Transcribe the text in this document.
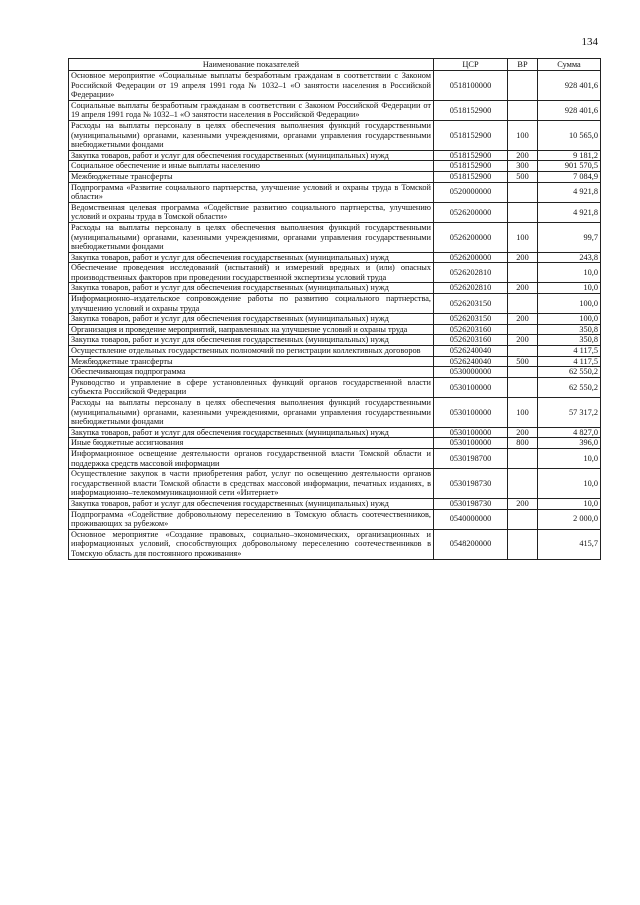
134
Наименование показателей	ЦСР	ВР	Сумма
Основное мероприятие «Социальные выплаты безработным гражданам в соответствии с Законом Российской Федерации от 19 апреля 1991 года № 1032–1 «О занятости населения в Российской Федерации»	0518100000		928 401,6
Социальные выплаты безработным гражданам в соответствии с Законом Российской Федерации от 19 апреля 1991 года № 1032–1 «О занятости населения в Российской Федерации»	0518152900		928 401,6
Расходы на выплаты персоналу в целях обеспечения выполнения функций государственными (муниципальными) органами, казенными учреждениями, органами управления государственными внебюджетными фондами	0518152900	100	10 565,0
Закупка товаров, работ и услуг для обеспечения государственных (муниципальных) нужд	0518152900	200	9 181,2
Социальное обеспечение и иные выплаты населению	0518152900	300	901 570,5
Межбюджетные трансферты	0518152900	500	7 084,9
Подпрограмма «Развитие социального партнерства, улучшение условий и охраны труда в Томской области»	0520000000		4 921,8
Ведомственная целевая программа «Содействие развитию социального партнерства, улучшению условий и охраны труда в Томской области»	0526200000		4 921,8
Расходы на выплаты персоналу в целях обеспечения выполнения функций государственными (муниципальными) органами, казенными учреждениями, органами управления государственными внебюджетными фондами	0526200000	100	99,7
Закупка товаров, работ и услуг для обеспечения государственных (муниципальных) нужд	0526200000	200	243,8
Обеспечение проведения исследований (испытаний) и измерений вредных и (или) опасных производственных факторов при проведении государственной экспертизы условий труда	0526202810		10,0
Закупка товаров, работ и услуг для обеспечения государственных (муниципальных) нужд	0526202810	200	10,0
Информационно–издательское сопровождение работы по развитию социального партнерства, улучшению условий и охраны труда	0526203150		100,0
Закупка товаров, работ и услуг для обеспечения государственных (муниципальных) нужд	0526203150	200	100,0
Организация и проведение мероприятий, направленных на улучшение условий и охраны труда	0526203160		350,8
Закупка товаров, работ и услуг для обеспечения государственных (муниципальных) нужд	0526203160	200	350,8
Осуществление отдельных государственных полномочий по регистрации коллективных договоров	0526240040		4 117,5
Межбюджетные трансферты	0526240040	500	4 117,5
Обеспечивающая подпрограмма	0530000000		62 550,2
Руководство и управление в сфере установленных функций органов государственной власти субъекта Российской Федерации	0530100000		62 550,2
Расходы на выплаты персоналу в целях обеспечения выполнения функций государственными (муниципальными) органами, казенными учреждениями, органами управления государственными внебюджетными фондами	0530100000	100	57 317,2
Закупка товаров, работ и услуг для обеспечения государственных (муниципальных) нужд	0530100000	200	4 827,0
Иные бюджетные ассигнования	0530100000	800	396,0
Информационное освещение деятельности органов государственной власти Томской области и поддержка средств массовой информации	0530198700		10,0
Осуществление закупок в части приобретения работ, услуг по освещению деятельности органов государственной власти Томской области в средствах массовой информации, печатных изданиях, в информационно–телекоммуникационной сети «Интернет»	0530198730		10,0
Закупка товаров, работ и услуг для обеспечения государственных (муниципальных) нужд	0530198730	200	10,0
Подпрограмма «Содействие добровольному переселению в Томскую область соотечественников, проживающих за рубежом»	0540000000		2 000,0
Основное мероприятие «Создание правовых, социально–экономических, организационных и информационных условий, способствующих добровольному переселению соотечественников в Томскую область для постоянного проживания»	0548200000		415,7
